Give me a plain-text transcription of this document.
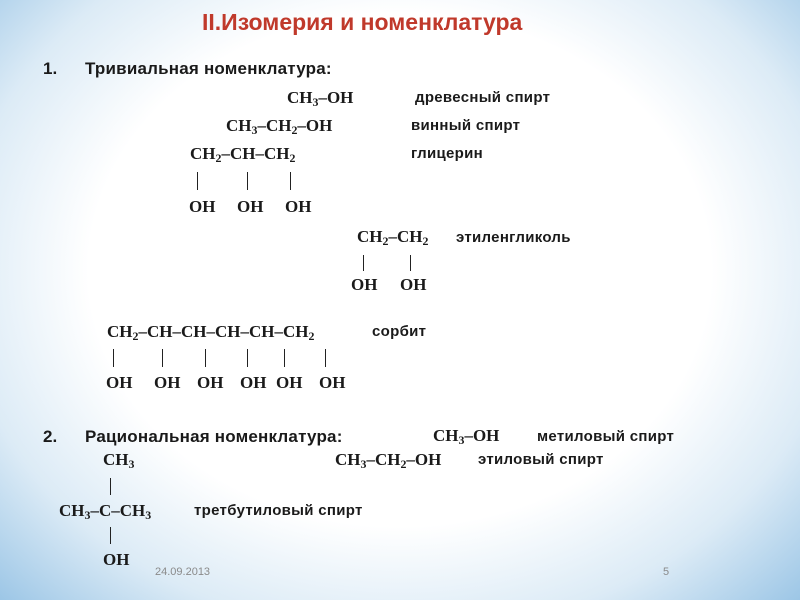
II.Изомерия и номенклатура
1. Тривиальная номенклатура:
$CH_3-OH$	древесный спирт
$CH_3-CH_2-OH$	винный спирт
$CH_2-CH-CH_2$	глицерин
OH OH OH
$CH_2-CH_2$ этиленгликоль
OH OH
$CH_2-CH-CH-CH-CH-CH_2$	сорбит
OH OH OH OH OH OH
2. Рациональная номенклатура:	$CH_3-OH$	метиловый спирт
$CH_3-CH_2-OH$ этиловый спирт
$CH_3$
$CH_3-C-CH_3$	третбутиловый спирт
OH
24.09.2013	5
